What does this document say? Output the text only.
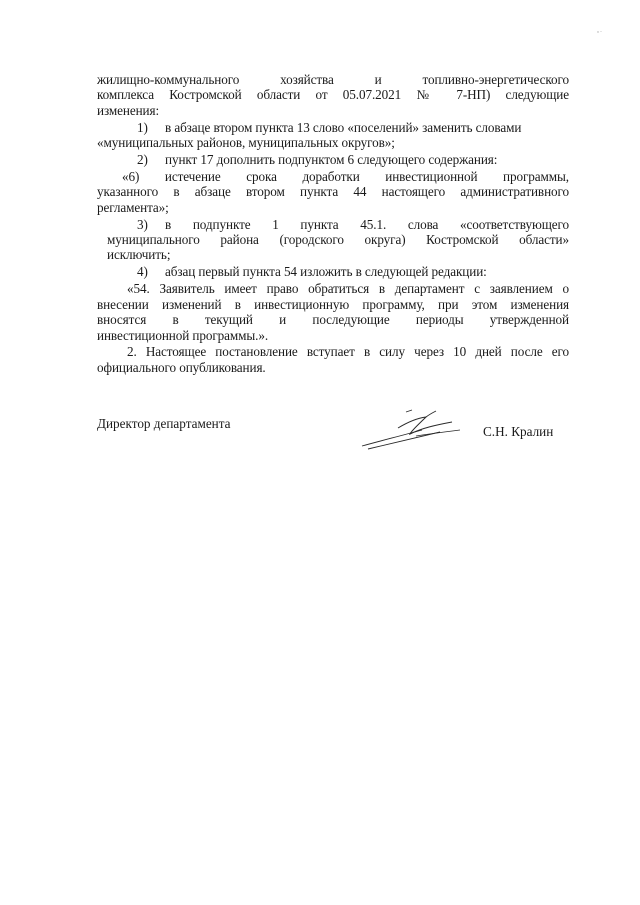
жилищно-коммунального хозяйства и топливно-энергетического
комплекса Костромской области от 05.07.2021 № 7-НП) следующие
изменения:
1) в абзаце втором пункта 13 слово «поселений» заменить словами
«муниципальных районов, муниципальных округов»;
2) пункт 17 дополнить подпунктом 6 следующего содержания:
«6) истечение срока доработки инвестиционной программы,
указанного в абзаце втором пункта 44 настоящего административного
регламента»;
3) в подпункте 1 пункта 45.1. слова «соответствующего
муниципального района (городского округа) Костромской области»
исключить;
4) абзац первый пункта 54 изложить в следующей редакции:
«54. Заявитель имеет право обратиться в департамент с заявлением о
внесении изменений в инвестиционную программу, при этом изменения
вносятся в текущий и последующие периоды утвержденной
инвестиционной программы.».
2. Настоящее постановление вступает в силу через 10 дней после его
официального опубликования.
Директор департамента
С.Н. Кралин
